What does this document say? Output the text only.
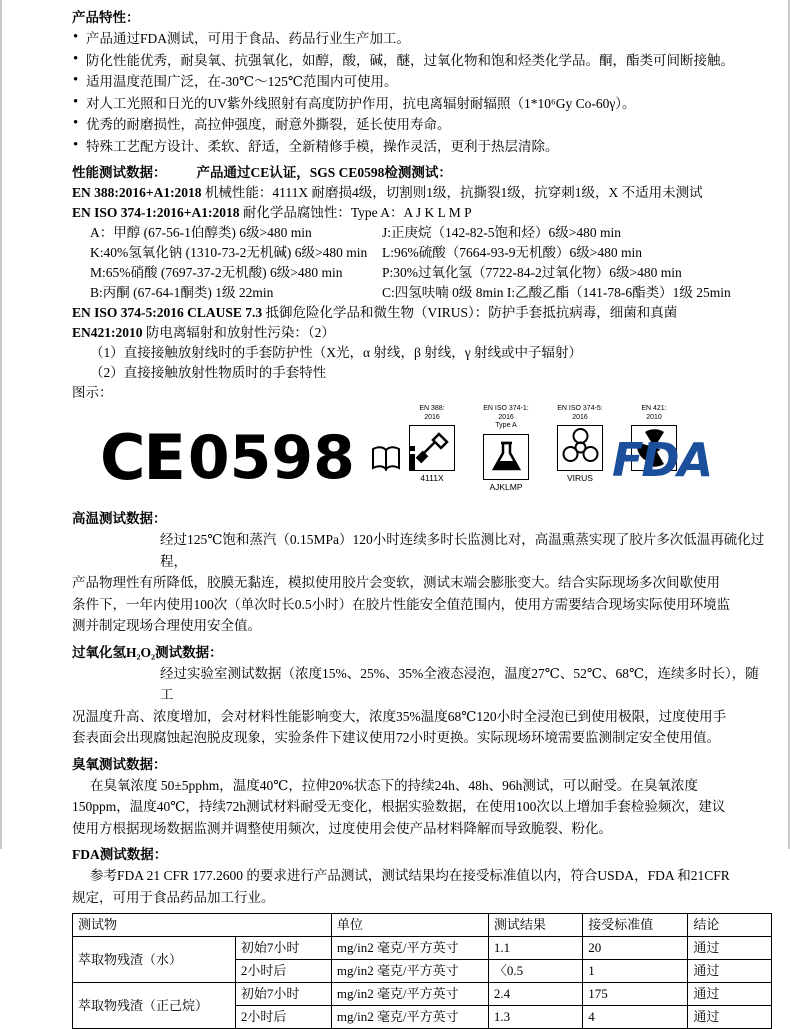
产品特性：
• 产品通过FDA测试，可用于食品、药品行业生产加工。
• 防化性能优秀，耐臭氧、抗强氧化，如醇，酸，碱，醚，过氧化物和饱和烃类化学品。酮，酯类可间断接触。
• 适用温度范围广泛，在-30℃～125℃范围内可使用。
• 对人工光照和日光的UV紫外线照射有高度防护作用，抗电离辐射耐辐照（1*10⁶Gy Co-60γ）。
• 优秀的耐磨损性，高拉伸强度，耐意外撕裂，延长使用寿命。
• 特殊工艺配方设计、柔软、舒适，全新精修手模，操作灵活，更利于热层清除。
性能测试数据： 产品通过CE认证，SGS CE0598检测测试：
EN 388:2016+A1:2018 机械性能：4111X 耐磨损4级，切割则1级，抗撕裂1级，抗穿刺1级，X 不适用未测试
EN ISO 374-1:2016+A1:2018 耐化学品腐蚀性：Type A：A J K L M P
A：甲醇 (67-56-1伯醇类) 6级>480 min	J:正庚烷（142-82-5饱和烃）6级>480 min
K:40%氢氧化钠 (1310-73-2无机碱) 6级>480 min	L:96%硫酸（7664-93-9无机酸）6级>480 min
M:65%硝酸 (7697-37-2无机酸) 6级>480 min	P:30%过氧化氢（7722-84-2过氧化物）6级>480 min
B:丙酮 (67-64-1酮类) 1级 22min	C:四氢呋喃 0级 8min I:乙酸乙酯（141-78-6酯类）1级 25min
EN ISO 374-5:2016 CLAUSE 7.3 抵御危险化学品和微生物（VIRUS）：防护手套抵抗病毒，细菌和真菌
EN421:2010 防电离辐射和放射性污染：（2）
（1）直接接触放射线时的手套防护性（X光，α 射线，β 射线，γ 射线或中子辐射）
（2）直接接触放射性物质时的手套特性
图示：
CE 0598
EN 388:
2016
4111X
EN ISO 374-1:
2016
Type A
AJKLMP
EN ISO 374-5:
2016
VIRUS
EN 421:
2010
FDA
高温测试数据：
经过125℃饱和蒸汽（0.15MPa）120小时连续多时长监测比对，高温熏蒸实现了胶片多次低温再硫化过程，
产品物理性有所降低，胶膜无黏连，模拟使用胶片会变软，测试末端会膨胀变大。结合实际现场多次间歇使用
条件下，一年内使用100次（单次时长0.5小时）在胶片性能安全值范围内，使用方需要结合现场实际使用环境监
测并制定现场合理使用安全值。
过氧化氢H₂O₂测试数据：
经过实验室测试数据（浓度15%、25%、35%全液态浸泡，温度27℃、52℃、68℃，连续多时长），随工
况温度升高、浓度增加，会对材料性能影响变大，浓度35%温度68℃120小时全浸泡已到使用极限，过度使用手
套表面会出现腐蚀起泡脱皮现象，实验条件下建议使用72小时更换。实际现场环境需要监测制定安全使用值。
臭氧测试数据：
在臭氧浓度 50±5pphm，温度40℃，拉伸20%状态下的持续24h、48h、96h测试，可以耐受。在臭氧浓度
150ppm，温度40℃，持续72h测试材料耐受无变化，根据实验数据，在使用100次以上增加手套检验频次，建议
使用方根据现场数据监测并调整使用频次，过度使用会使产品材料降解而导致脆裂、粉化。
FDA测试数据：
参考FDA 21 CFR 177.2600 的要求进行产品测试，测试结果均在接受标准值以内，符合USDA，FDA 和21CFR
规定，可用于食品药品加工行业。
测试物		单位	测试结果	接受标准值	结论
萃取物残渣（水）	初始7小时	mg/in2 毫克/平方英寸	1.1	20	通过
	2小时后	mg/in2 毫克/平方英寸	〈0.5	1	通过
萃取物残渣（正己烷）	初始7小时	mg/in2 毫克/平方英寸	2.4	175	通过
	2小时后	mg/in2 毫克/平方英寸	1.3	4	通过
